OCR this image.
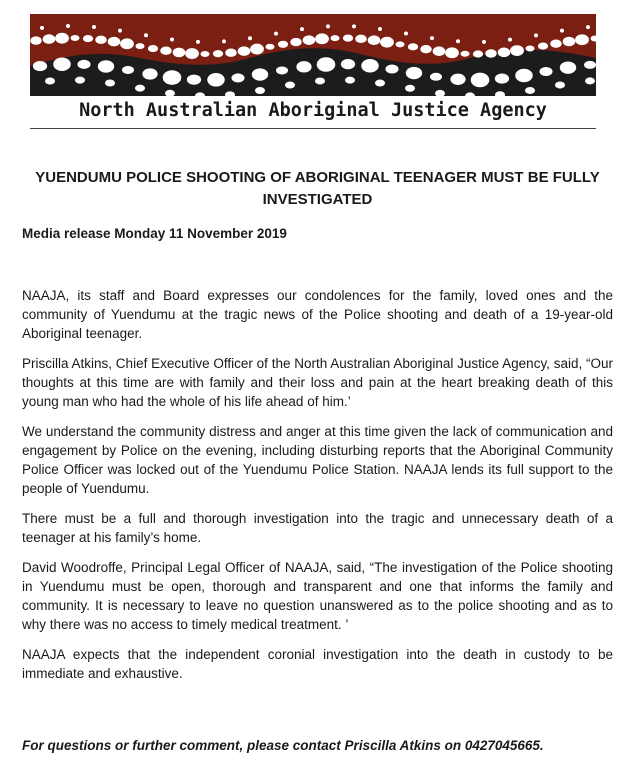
North Australian Aboriginal Justice Agency
YUENDUMU POLICE SHOOTING OF ABORIGINAL TEENAGER MUST BE FULLY INVESTIGATED

Media release Monday 11 November 2019

NAAJA, its staff and Board expresses our condolences for the family, loved ones and the community of Yuendumu at the tragic news of the Police shooting and death of a 19-year-old Aboriginal teenager.

Priscilla Atkins, Chief Executive Officer of the North Australian Aboriginal Justice Agency, said, “Our thoughts at this time are with family and their loss and pain at the heart breaking death of this young man who had the whole of his life ahead of him.’

We understand the community distress and anger at this time given the lack of communication and engagement by Police on the evening, including disturbing reports that the Aboriginal Community Police Officer was locked out of the Yuendumu Police Station. NAAJA lends its full support to the people of Yuendumu.

There must be a full and thorough investigation into the tragic and unnecessary death of a teenager at his family’s home.

David Woodroffe, Principal Legal Officer of NAAJA, said, “The investigation of the Police shooting in Yuendumu must be open, thorough and transparent and one that informs the family and community. It is necessary to leave no question unanswered as to the police shooting and as to why there was no access to timely medical treatment. ’

NAAJA expects that the independent coronial investigation into the death in custody to be immediate and exhaustive.

For questions or further comment, please contact Priscilla Atkins on 0427045665.
